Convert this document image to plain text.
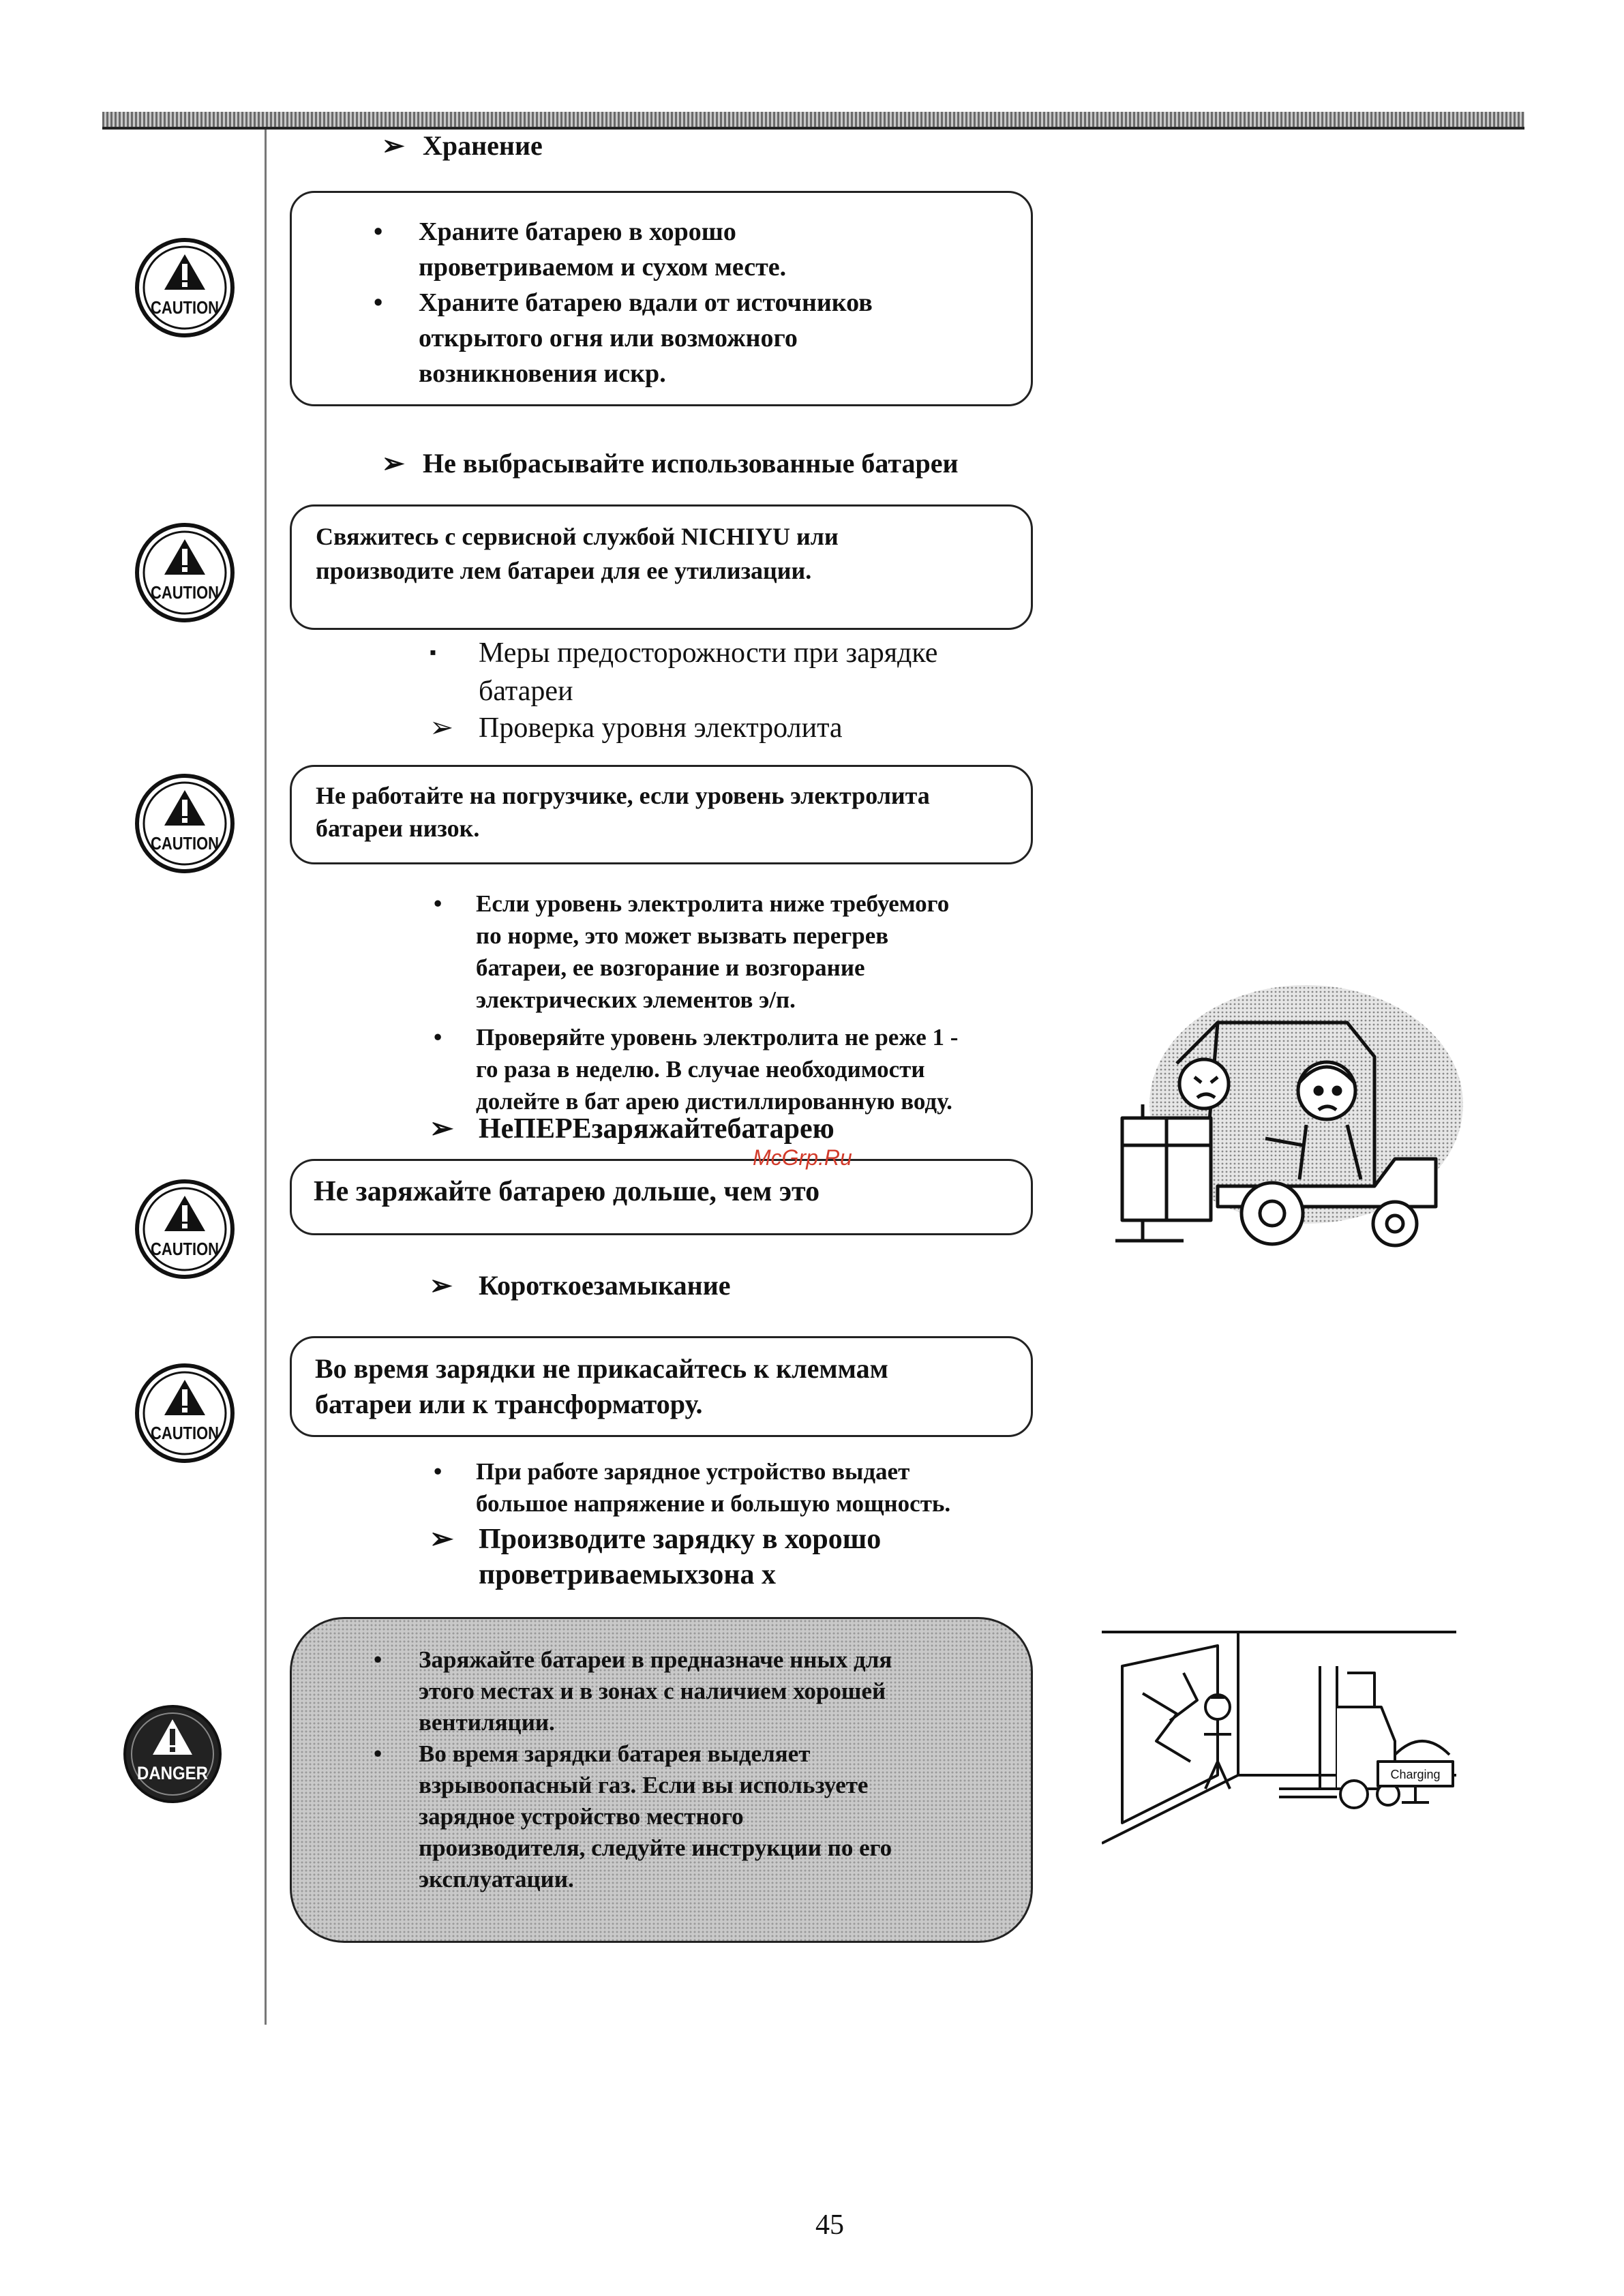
➢ Хранение
CAUTION
• Храните батарею в хорошо
проветриваемом и сухом месте.
• Храните батарею вдали от источников
открытого огня или возможного
возникновения искр.
➢ Не выбрасывайте использованные батареи
CAUTION
Свяжитесь с сервисной службой NICHIYU или
производите лем батареи для ее утилизации.
▪ Меры предосторожности при зарядке
батареи
➢ Проверка уровня электролита
CAUTION
Не работайте на погрузчике, если уровень электролита
батареи низок.
• Если уровень электролита ниже требуемого
по норме, это может вызвать перегрев
батареи, ее возгорание и возгорание
электрических элементов э/п.
• Проверяйте уровень электролита не реже 1 -
го раза в неделю. В случае необходимости
долейте в бат арею дистиллированную воду.
➢ НеПЕРЕзаряжайтебатарею
CAUTION
Не заряжайте батарею дольше, чем это
➢ Короткоезамыкание
CAUTION
Во время зарядки не прикасайтесь к клеммам
батареи или к трансформатору.
• При работе зарядное устройство выдает
большое напряжение и большую мощность.
➢ Производите зарядку в хорошо
проветриваемыхзона х
DANGER
• Заряжайте батареи в предназначе нных для
этого местах и в зонах с наличием хорошей
вентиляции.
• Во время зарядки батарея выделяет
взрывоопасный газ. Если вы используете
зарядное устройство местного
производителя, следуйте инструкции по его
эксплуатации.
Charging
McGrp.Ru
45
